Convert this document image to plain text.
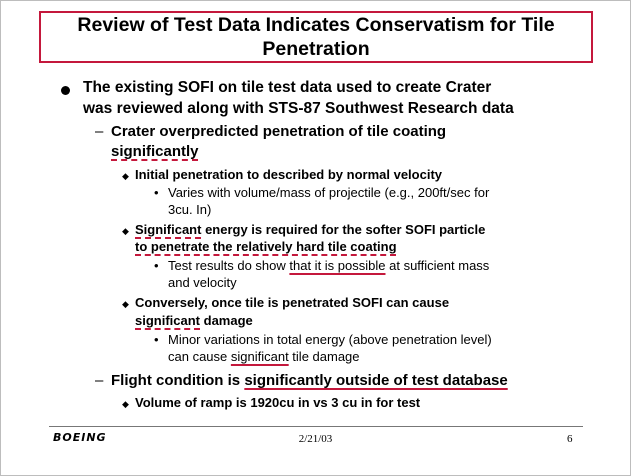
Review of Test Data Indicates Conservatism for Tile Penetration
The existing SOFI on tile test data used to create Crater
was reviewed along with STS-87 Southwest Research data
– Crater overpredicted penetration of tile coating
significantly
◆ Initial penetration to described by normal velocity
• Varies with volume/mass of projectile (e.g., 200ft/sec for
3cu. In)
◆ Significant energy is required for the softer SOFI particle
to penetrate the relatively hard tile coating
• Test results do show that it is possible at sufficient mass
and velocity
◆ Conversely, once tile is penetrated SOFI can cause
significant damage
• Minor variations in total energy (above penetration level)
can cause significant tile damage
– Flight condition is significantly outside of test database
◆ Volume of ramp is 1920cu in vs 3 cu in for test
BOEING	2/21/03	6
